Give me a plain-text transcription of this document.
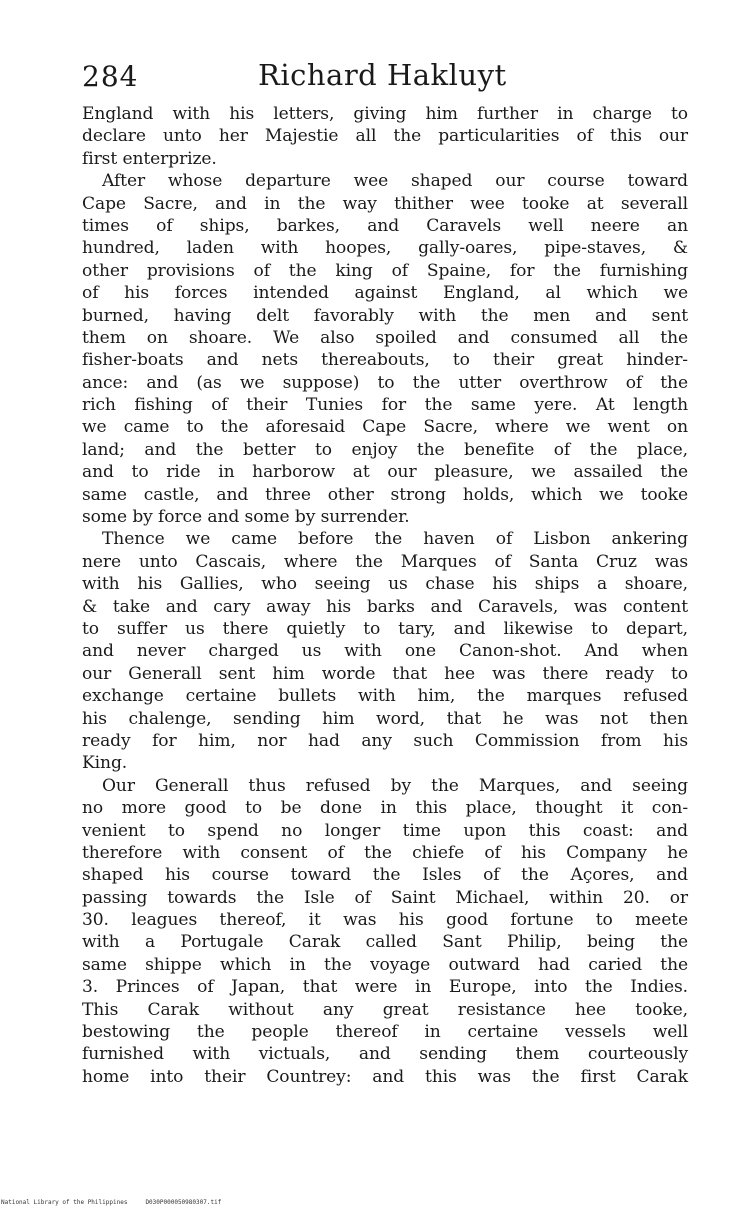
284	Richard Hakluyt
England with his letters, giving him further in charge to
declare unto her Majestie all the particularities of this our
first enterprize.
After whose departure wee shaped our course toward
Cape Sacre, and in the way thither wee tooke at severall
times of ships, barkes, and Caravels well neere an
hundred, laden with hoopes, gally-oares, pipe-staves, &
other provisions of the king of Spaine, for the furnishing
of his forces intended against England, al which we
burned, having delt favorably with the men and sent
them on shoare. We also spoiled and consumed all the
fisher-boats and nets thereabouts, to their great hinder-
ance: and (as we suppose) to the utter overthrow of the
rich fishing of their Tunies for the same yere. At length
we came to the aforesaid Cape Sacre, where we went on
land; and the better to enjoy the benefite of the place,
and to ride in harborow at our pleasure, we assailed the
same castle, and three other strong holds, which we tooke
some by force and some by surrender.
Thence we came before the haven of Lisbon ankering
nere unto Cascais, where the Marques of Santa Cruz was
with his Gallies, who seeing us chase his ships a shoare,
& take and cary away his barks and Caravels, was content
to suffer us there quietly to tary, and likewise to depart,
and never charged us with one Canon-shot. And when
our Generall sent him worde that hee was there ready to
exchange certaine bullets with him, the marques refused
his chalenge, sending him word, that he was not then
ready for him, nor had any such Commission from his
King.
Our Generall thus refused by the Marques, and seeing
no more good to be done in this place, thought it con-
venient to spend no longer time upon this coast: and
therefore with consent of the chiefe of his Company he
shaped his course toward the Isles of the Açores, and
passing towards the Isle of Saint Michael, within 20. or
30. leagues thereof, it was his good fortune to meete
with a Portugale Carak called Sant Philip, being the
same shippe which in the voyage outward had caried the
3. Princes of Japan, that were in Europe, into the Indies.
This Carak without any great resistance hee tooke,
bestowing the people thereof in certaine vessels well
furnished with victuals, and sending them courteously
home into their Countrey: and this was the first Carak
National Library of the Philippines	D030P000050980307.tif
